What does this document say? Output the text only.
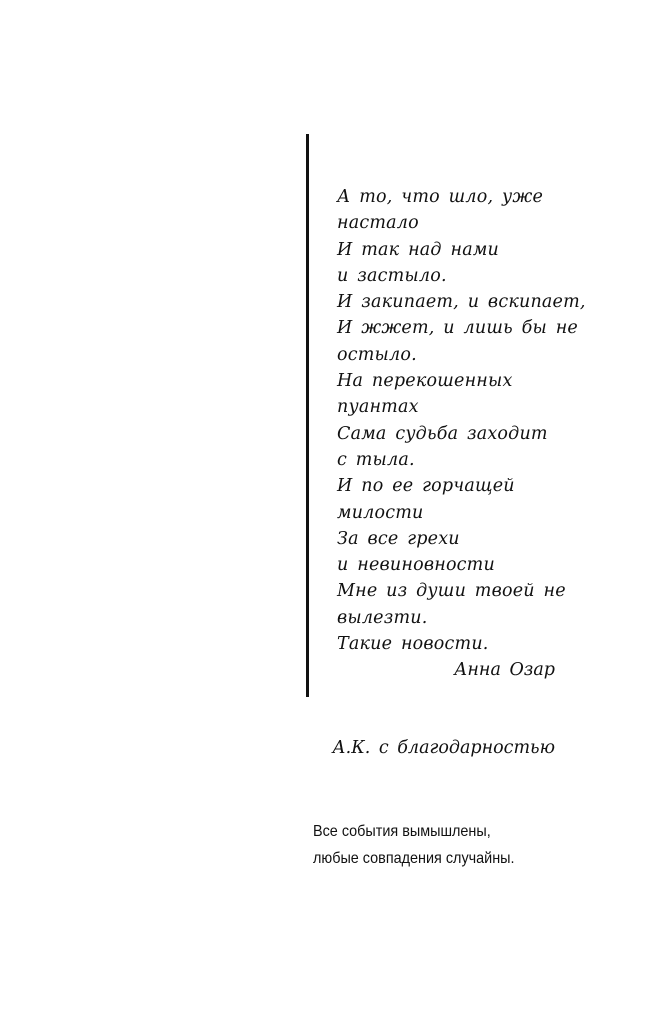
А то, что шло, уже
настало
И так над нами
и застыло.
И закипает, и вскипает,
И жжет, и лишь бы не
остыло.
На перекошенных
пуантах
Сама судьба заходит
с тыла.
И по ее горчащей
милости
За все грехи
и невиновности
Мне из души твоей не
вылезти.
Такие новости.
Анна Озар
А.К. с благодарностью
Все события вымышлены,
любые совпадения случайны.
